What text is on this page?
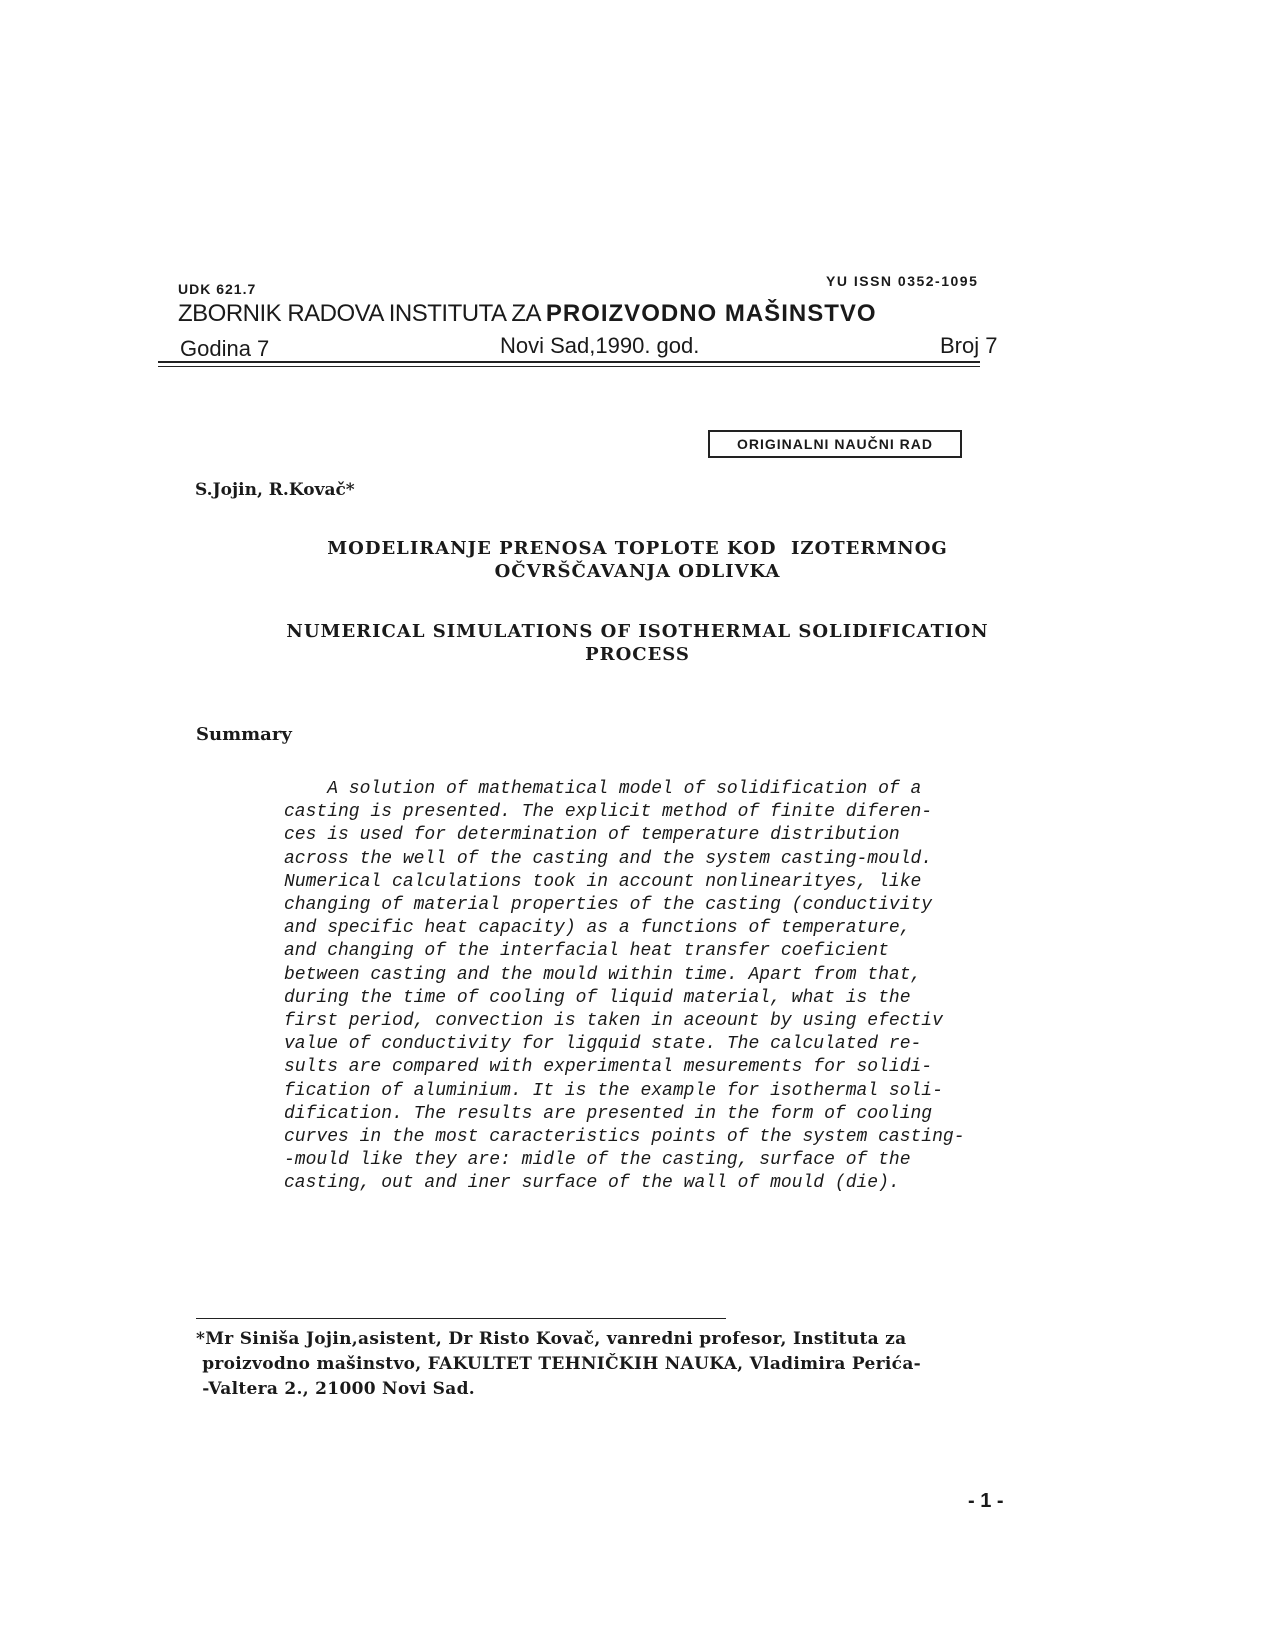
UDK 621.7	YU ISSN 0352-1095
ZBORNIK RADOVA INSTITUTA ZA PROIZVODNO MAŠINSTVO
Godina 7	Novi Sad,1990. god.	Broj 7
ORIGINALNI NAUČNI RAD
S.Jojin, R.Kovač*
MODELIRANJE PRENOSA TOPLOTE KOD  IZOTERMNOG
OČVRŠČAVANJA ODLIVKA
NUMERICAL SIMULATIONS OF ISOTHERMAL SOLIDIFICATION
PROCESS
Summary
A solution of mathematical model of solidification of a
casting is presented. The explicit method of finite diferen-
ces is used for determination of temperature distribution
across the well of the casting and the system casting-mould.
Numerical calculations took in account nonlinearityes, like
changing of material properties of the casting (conductivity
and specific heat capacity) as a functions of temperature,
and changing of the interfacial heat transfer coeficient
between casting and the mould within time. Apart from that,
during the time of cooling of liquid material, what is the
first period, convection is taken in aceount by using efectiv
value of conductivity for ligquid state. The calculated re-
sults are compared with experimental mesurements for solidi-
fication of aluminium. It is the example for isothermal soli-
dification. The results are presented in the form of cooling
curves in the most caracteristics points of the system casting-
-mould like they are: midle of the casting, surface of the
casting, out and iner surface of the wall of mould (die).
*Mr Siniša Jojin,asistent, Dr Risto Kovač, vanredni profesor, Instituta za
proizvodno mašinstvo, FAKULTET TEHNIČKIH NAUKA, Vladimira Perića-
-Valtera 2., 21000 Novi Sad.
- 1 -
